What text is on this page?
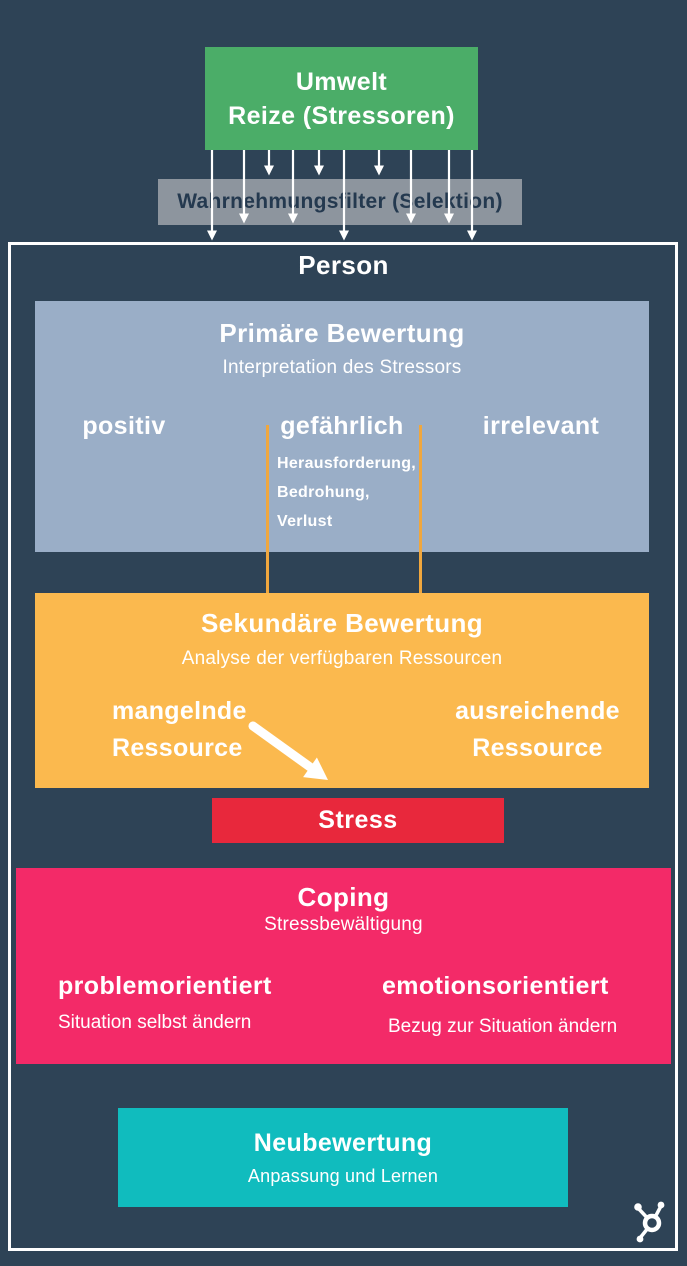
Umwelt
Reize (Stressoren)
Wahrnehmungsfilter (Selektion)
Person
Primäre Bewertung
Interpretation des Stressors
positiv	gefährlich	irrelevant
Herausforderung,
Bedrohung,
Verlust
Sekundäre Bewertung
Analyse der verfügbaren Ressourcen
mangelnde
Ressource
ausreichende
Ressource
Stress
Coping
Stressbewältigung
problemorientiert
Situation selbst ändern
emotionsorientiert
Bezug zur Situation ändern
Neubewertung
Anpassung und Lernen
